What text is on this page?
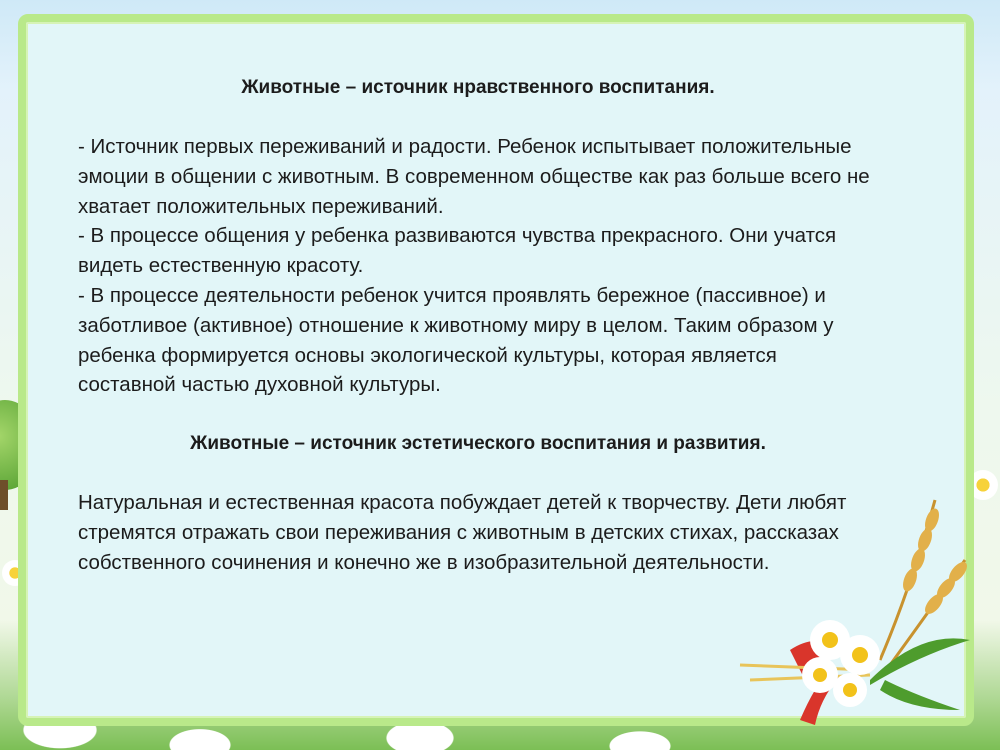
Животные – источник нравственного воспитания.

- Источник первых переживаний и радости. Ребенок испытывает положительные эмоции в общении с животным. В современном обществе как раз больше всего не хватает положительных переживаний.

- В процессе общения у ребенка развиваются чувства прекрасного. Они учатся видеть естественную красоту.

- В процессе деятельности ребенок учится проявлять бережное (пассивное) и заботливое (активное) отношение к животному миру в целом. Таким образом у ребенка формируется основы экологической культуры, которая является составной частью духовной культуры.

Животные – источник эстетического воспитания и развития.

Натуральная и естественная красота побуждает детей к творчеству. Дети любят стремятся отражать свои переживания с животным в детских стихах, рассказах собственного сочинения и конечно же в изобразительной деятельности.
